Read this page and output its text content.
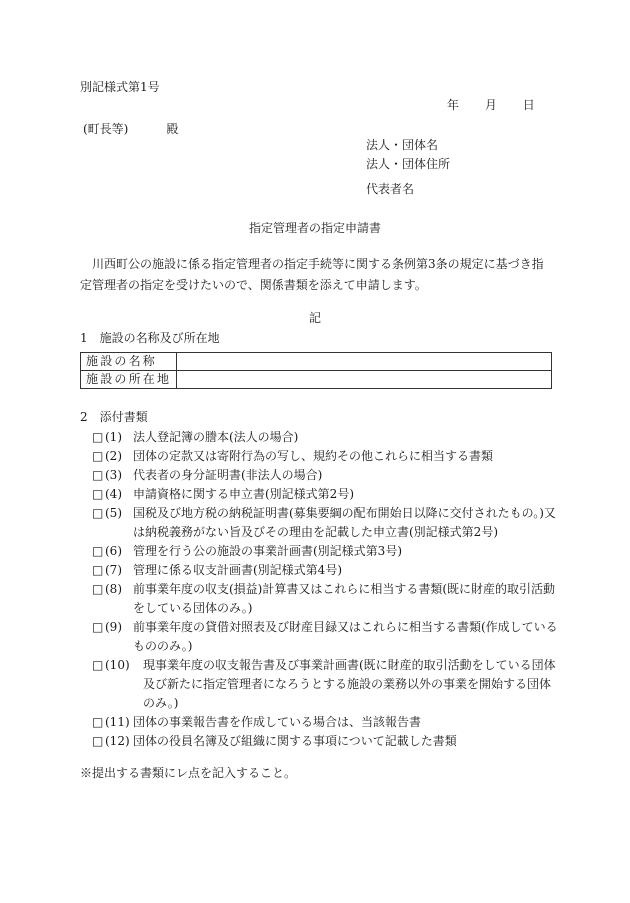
別記様式第1号
年 月 日
(町長等)	殿
法人・団体名
法人・団体住所
代表者名
指定管理者の指定申請書
川西町公の施設に係る指定管理者の指定手続等に関する条例第3条の規定に基づき指定管理者の指定を受けたいので、関係書類を添えて申請します。
記
1　施設の名称及び所在地
施設の名称	
施設の所在地	
2　添付書類
□ (1) 法人登記簿の謄本(法人の場合)
□ (2) 団体の定款又は寄附行為の写し、規約その他これらに相当する書類
□ (3) 代表者の身分証明書(非法人の場合)
□ (4) 申請資格に関する申立書(別記様式第2号)
□ (5) 国税及び地方税の納税証明書(募集要綱の配布開始日以降に交付されたもの。)又は納税義務がない旨及びその理由を記載した申立書(別記様式第2号)
□ (6) 管理を行う公の施設の事業計画書(別記様式第3号)
□ (7) 管理に係る収支計画書(別記様式第4号)
□ (8) 前事業年度の収支(損益)計算書又はこれらに相当する書類(既に財産的取引活動をしている団体のみ。)
□ (9) 前事業年度の貸借対照表及び財産目録又はこれらに相当する書類(作成しているもののみ。)
□ (10)	現事業年度の収支報告書及び事業計画書(既に財産的取引活動をしている団体及び新たに指定管理者になろうとする施設の業務以外の事業を開始する団体のみ。)
□ (11) 団体の事業報告書を作成している場合は、当該報告書
□ (12) 団体の役員名簿及び組織に関する事項について記載した書類
※提出する書類にレ点を記入すること。
